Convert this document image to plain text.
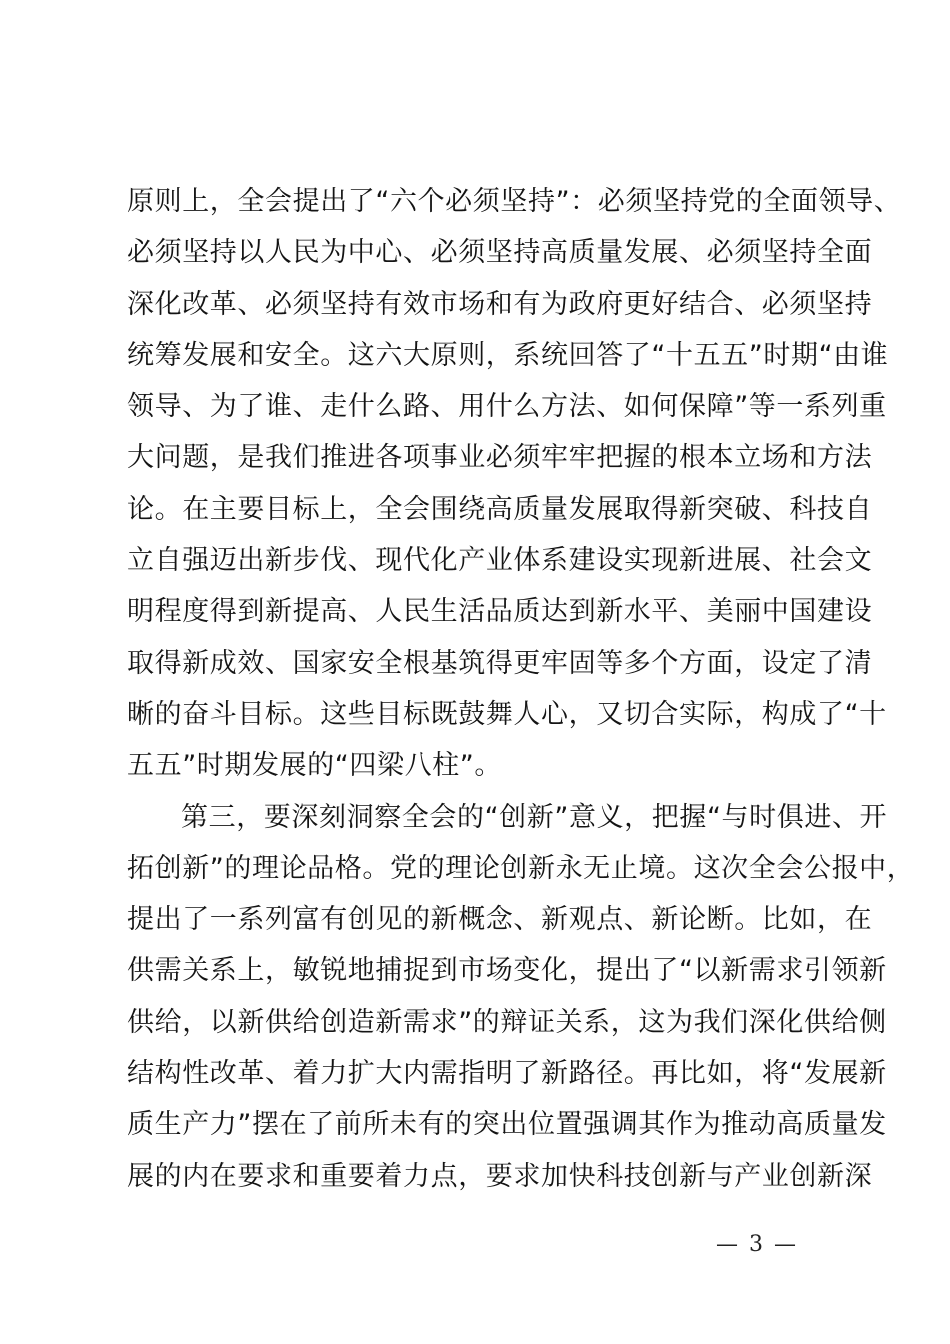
原则上，全会提出了“六个必须坚持”：必须坚持党的全面领导、
必须坚持以人民为中心、必须坚持高质量发展、必须坚持全面
深化改革、必须坚持有效市场和有为政府更好结合、必须坚持
统筹发展和安全。这六大原则，系统回答了“十五五”时期“由谁
领导、为了谁、走什么路、用什么方法、如何保障”等一系列重
大问题，是我们推进各项事业必须牢牢把握的根本立场和方法
论。在主要目标上，全会围绕高质量发展取得新突破、科技自
立自强迈出新步伐、现代化产业体系建设实现新进展、社会文
明程度得到新提高、人民生活品质达到新水平、美丽中国建设
取得新成效、国家安全根基筑得更牢固等多个方面，设定了清
晰的奋斗目标。这些目标既鼓舞人心，又切合实际，构成了“十
五五”时期发展的“四梁八柱”。
第三，要深刻洞察全会的“创新”意义，把握“与时俱进、开
拓创新”的理论品格。党的理论创新永无止境。这次全会公报中，
提出了一系列富有创见的新概念、新观点、新论断。比如，在
供需关系上，敏锐地捕捉到市场变化，提出了“以新需求引领新
供给，以新供给创造新需求”的辩证关系，这为我们深化供给侧
结构性改革、着力扩大内需指明了新路径。再比如，将“发展新
质生产力”摆在了前所未有的突出位置强调其作为推动高质量发
展的内在要求和重要着力点，要求加快科技创新与产业创新深
— 3 —
